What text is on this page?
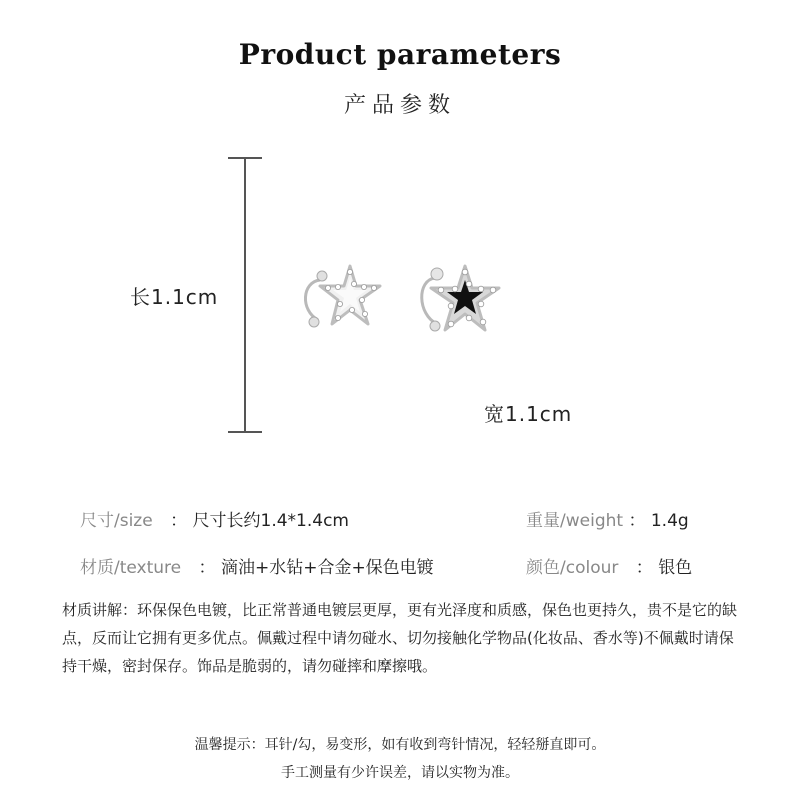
Product parameters
产品参数
长1.1cm
宽1.1cm
尺寸/size ： 尺寸长约1.4*1.4cm	重量/weight ： 1.4g
材质/texture ： 滴油+水钻+合金+保色电镀	颜色/colour ： 银色
材质讲解：环保保色电镀，比正常普通电镀层更厚，更有光泽度和质感，保色也更持久，贵不是它的缺点，反而让它拥有更多优点。佩戴过程中请勿碰水、切勿接触化学物品(化妆品、香水等)不佩戴时请保持干燥，密封保存。饰品是脆弱的，请勿碰摔和摩擦哦。
温馨提示：耳针/勾，易变形，如有收到弯针情况，轻轻掰直即可。
手工测量有少许误差，请以实物为准。
